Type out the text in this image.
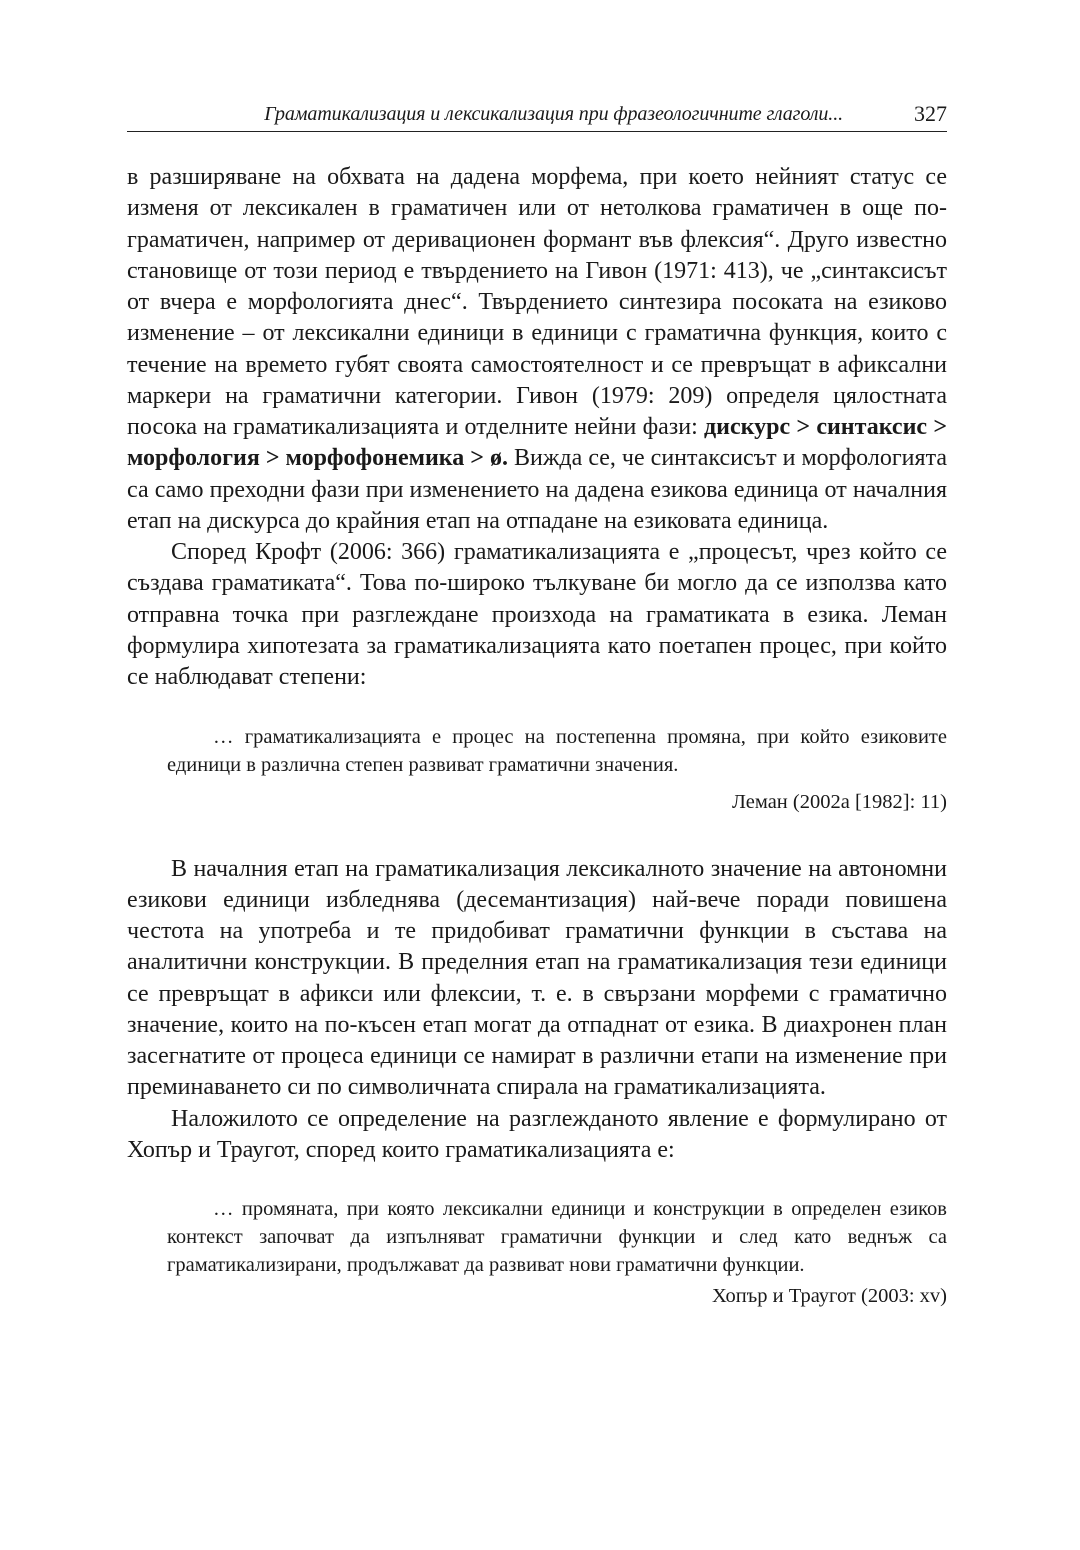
Граматикализация и лексикализация при фразеологичните глаголи...	327

в разширяване на обхвата на дадена морфема, при което нейният статус се изменя от лексикален в граматичен или от нетолкова граматичен в още по-граматичен, например от деривационен формант във флексия“. Друго известно становище от този период е твърдението на Гивон (1971: 413), че „синтаксисът от вчера е морфологията днес“. Твърдението синтезира посоката на езиково изменение – от лексикални единици в единици с граматична функция, които с течение на времето губят своята самостоятелност и се превръщат в афиксални маркери на граматични категории. Гивон (1979: 209) определя цялостната посока на граматикализацията и отделните нейни фази: дискурс > синтаксис > морфология > морфофонемика > ø. Вижда се, че синтаксисът и морфологията са само преходни фази при изменението на дадена езикова единица от началния етап на дискурса до крайния етап на отпадане на езиковата единица.

Според Крофт (2006: 366) граматикализацията е „процесът, чрез който се създава граматиката“. Това по-широко тълкуване би могло да се използва като отправна точка при разглеждане произхода на граматиката в езика. Леман формулира хипотезата за граматикализацията като поетапен процес, при който се наблюдават степени:

… граматикализацията е процес на постепенна промяна, при който езиковите единици в различна степен развиват граматични значения.
Леман (2002а [1982]: 11)

В началния етап на граматикализация лексикалното значение на автономни езикови единици избледнява (десемантизация) най-вече поради повишена честота на употреба и те придобиват граматични функции в състава на аналитични конструкции. В пределния етап на граматикализация тези единици се превръщат в афикси или флексии, т. е. в свързани морфеми с граматично значение, които на по-късен етап могат да отпаднат от езика. В диахронен план засегнатите от процеса единици се намират в различни етапи на изменение при преминаването си по символичната спирала на граматикализацията.

Наложилото се определение на разглежданото явление е формулирано от Хопър и Траугот, според които граматикализацията е:

… промяната, при която лексикални единици и конструкции в определен езиков контекст започват да изпълняват граматични функции и след като веднъж са граматикализирани, продължават да развиват нови граматични функции.
Хопър и Траугот (2003: xv)
